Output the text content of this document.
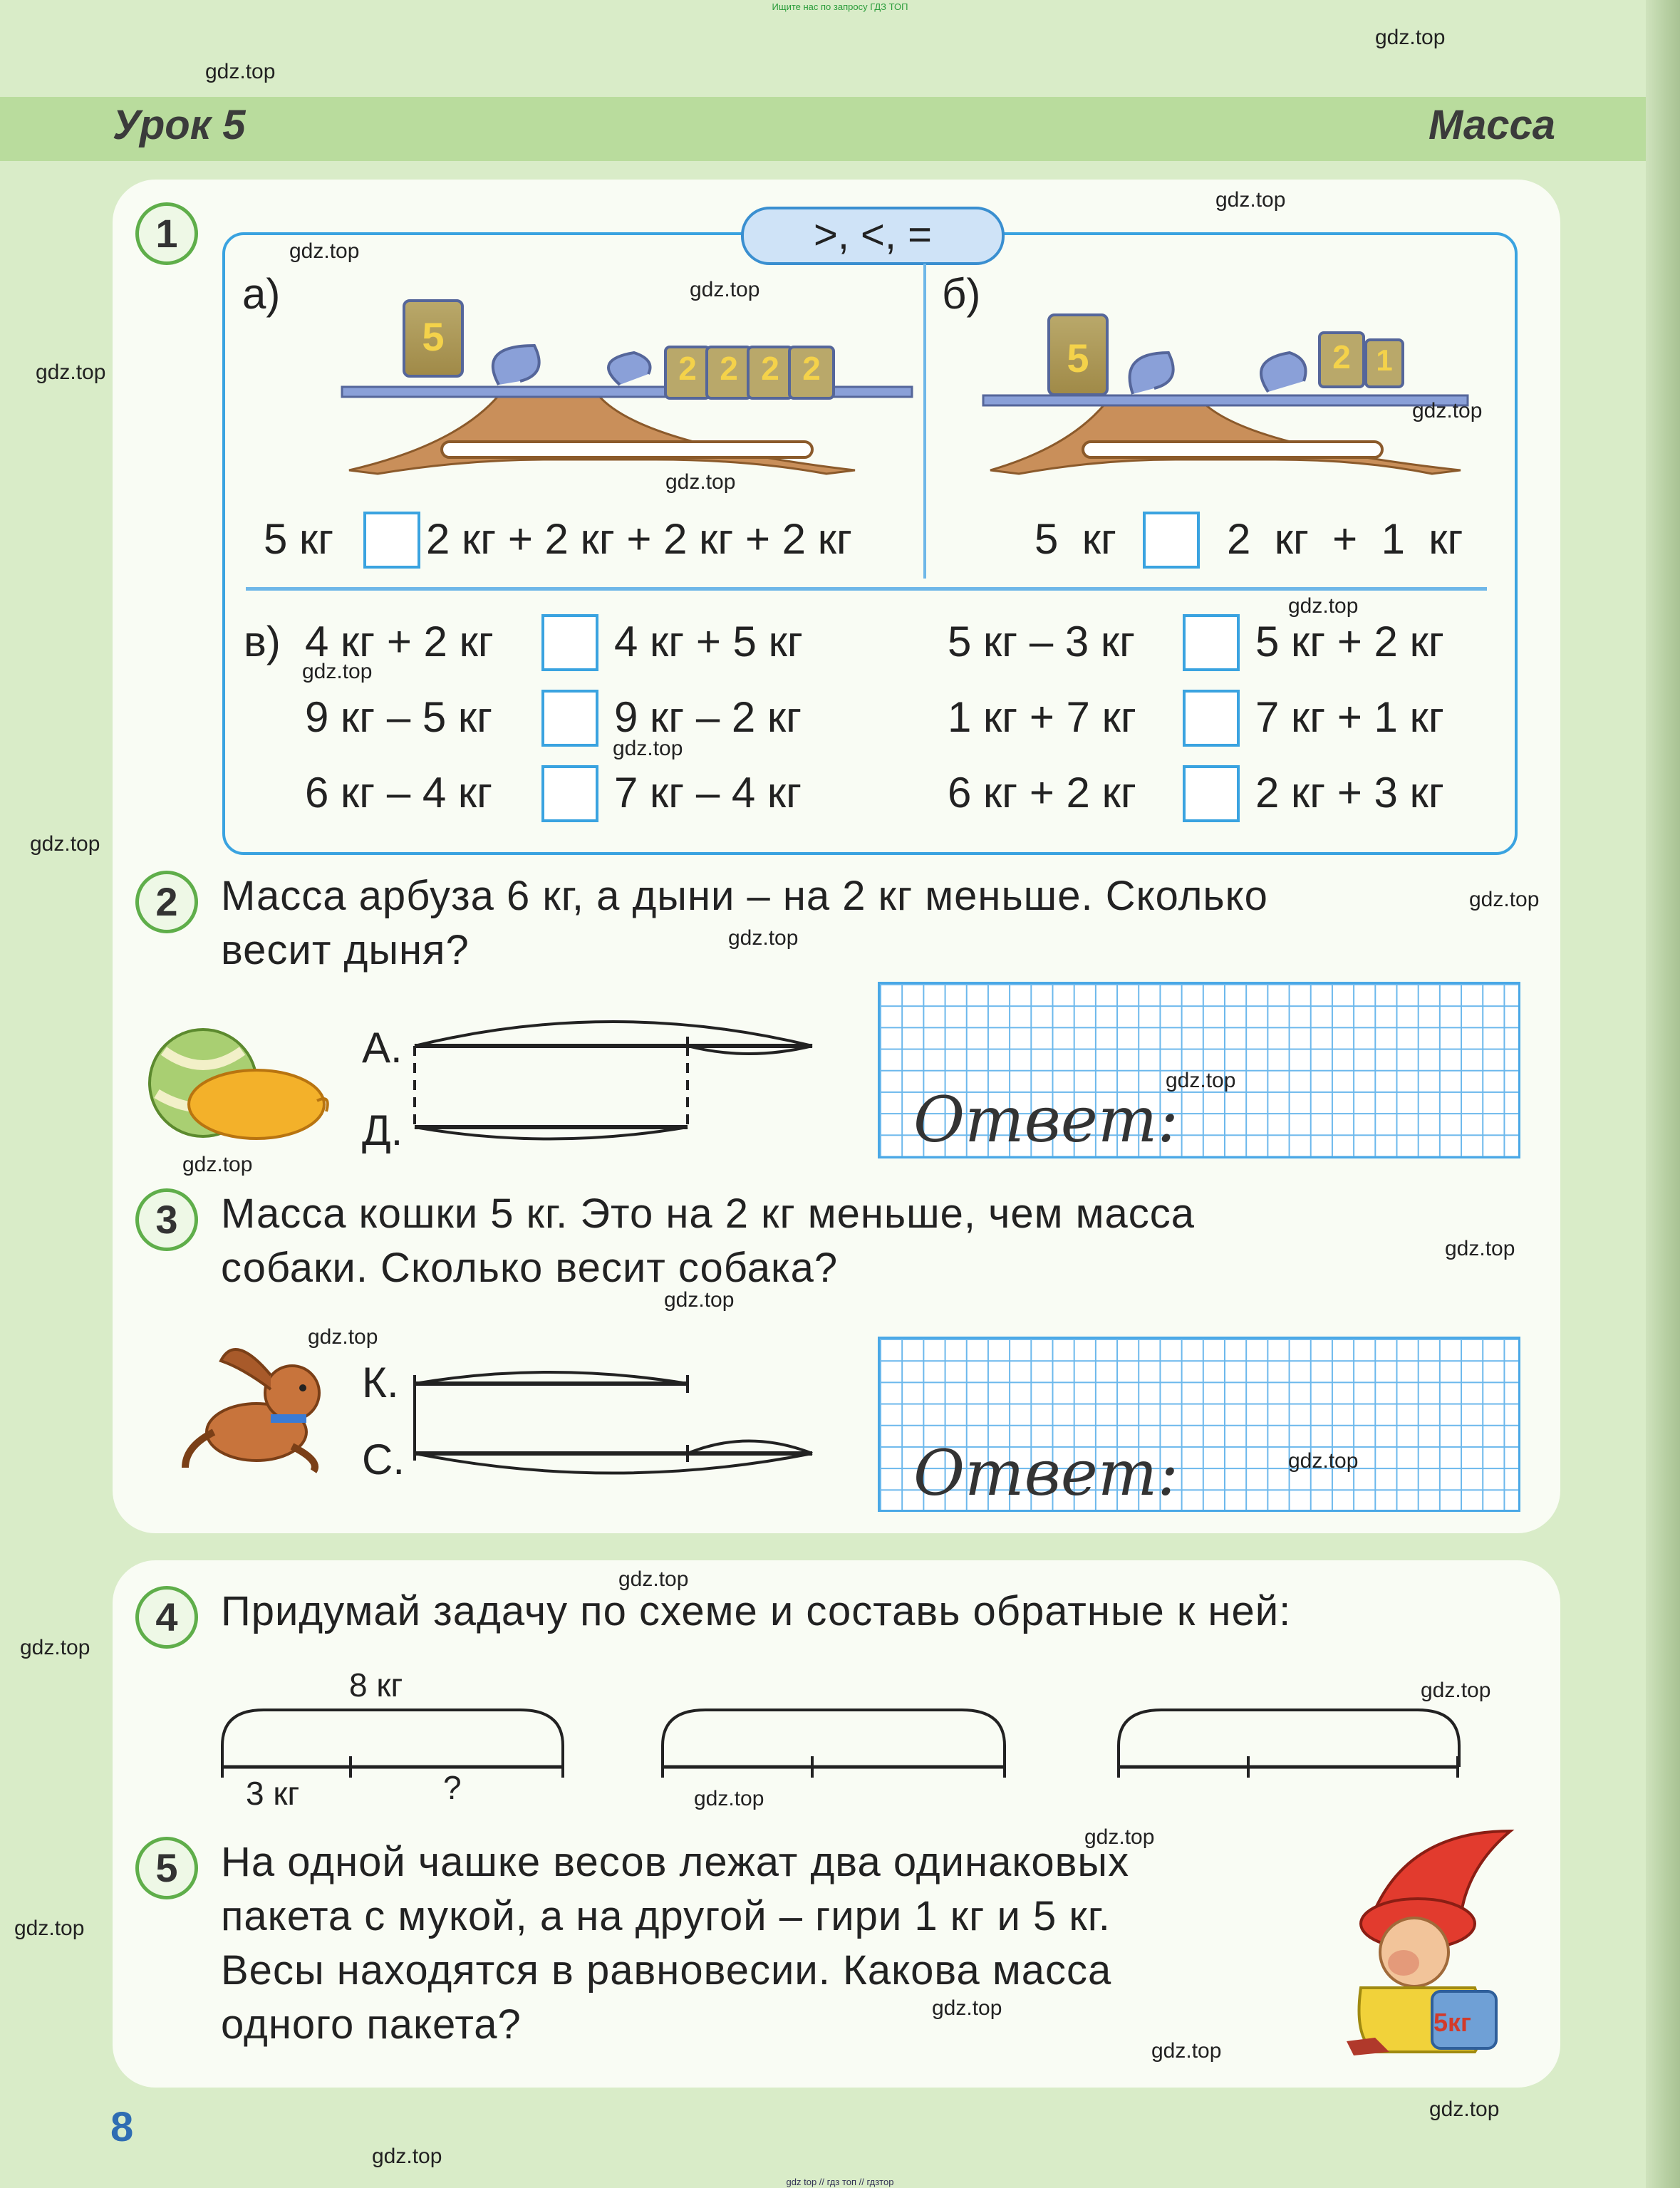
Ищите нас по запросу ГДЗ ТОП
Урок 5	Масса
1	>, <, =
а)	б)
5
2 2 2 2	5	2 1
5 кг 2 кг + 2 кг + 2 кг + 2 кг	5  кг	2  кг  +  1  кг
в) 4 кг + 2 кг	4 кг + 5 кг	5 кг – 3 кг	5 кг + 2 кг
9 кг – 5 кг	9 кг – 2 кг	1 кг + 7 кг	7 кг + 1 кг
6 кг – 4 кг	7 кг – 4 кг	6 кг + 2 кг	2 кг + 3 кг
2	Масса арбуза 6 кг, а дыни – на 2 кг меньше. Сколько
весит дыня?
А.
Д.	Ответ:
3	Масса кошки 5 кг. Это на 2 кг меньше, чем масса
собаки. Сколько весит собака?
К.
С.	Ответ:
4	Придумай задачу по схеме и составь обратные к ней:
8 кг
3 кг	?
5	На одной чашке весов лежат два одинаковых
пакета с мукой, а на другой – гири 1 кг и 5 кг.
Весы находятся в равновесии. Какова масса
одного пакета?	5кг
8
gdz.top
gdz.top
gdz.top
gdz.top
gdz.top
gdz.top
gdz.top
gdz.top
gdz.top
gdz.top
gdz.top
gdz.top
gdz.top
gdz.top
gdz.top
gdz.top
gdz.top
gdz.top
gdz.top
gdz.top
gdz.top
gdz.top
gdz.top
gdz.top
gdz.top
gdz.top
gdz.top
gdz.top
gdz.top
gdz.top
gdz top // гдз топ // гдзтор
